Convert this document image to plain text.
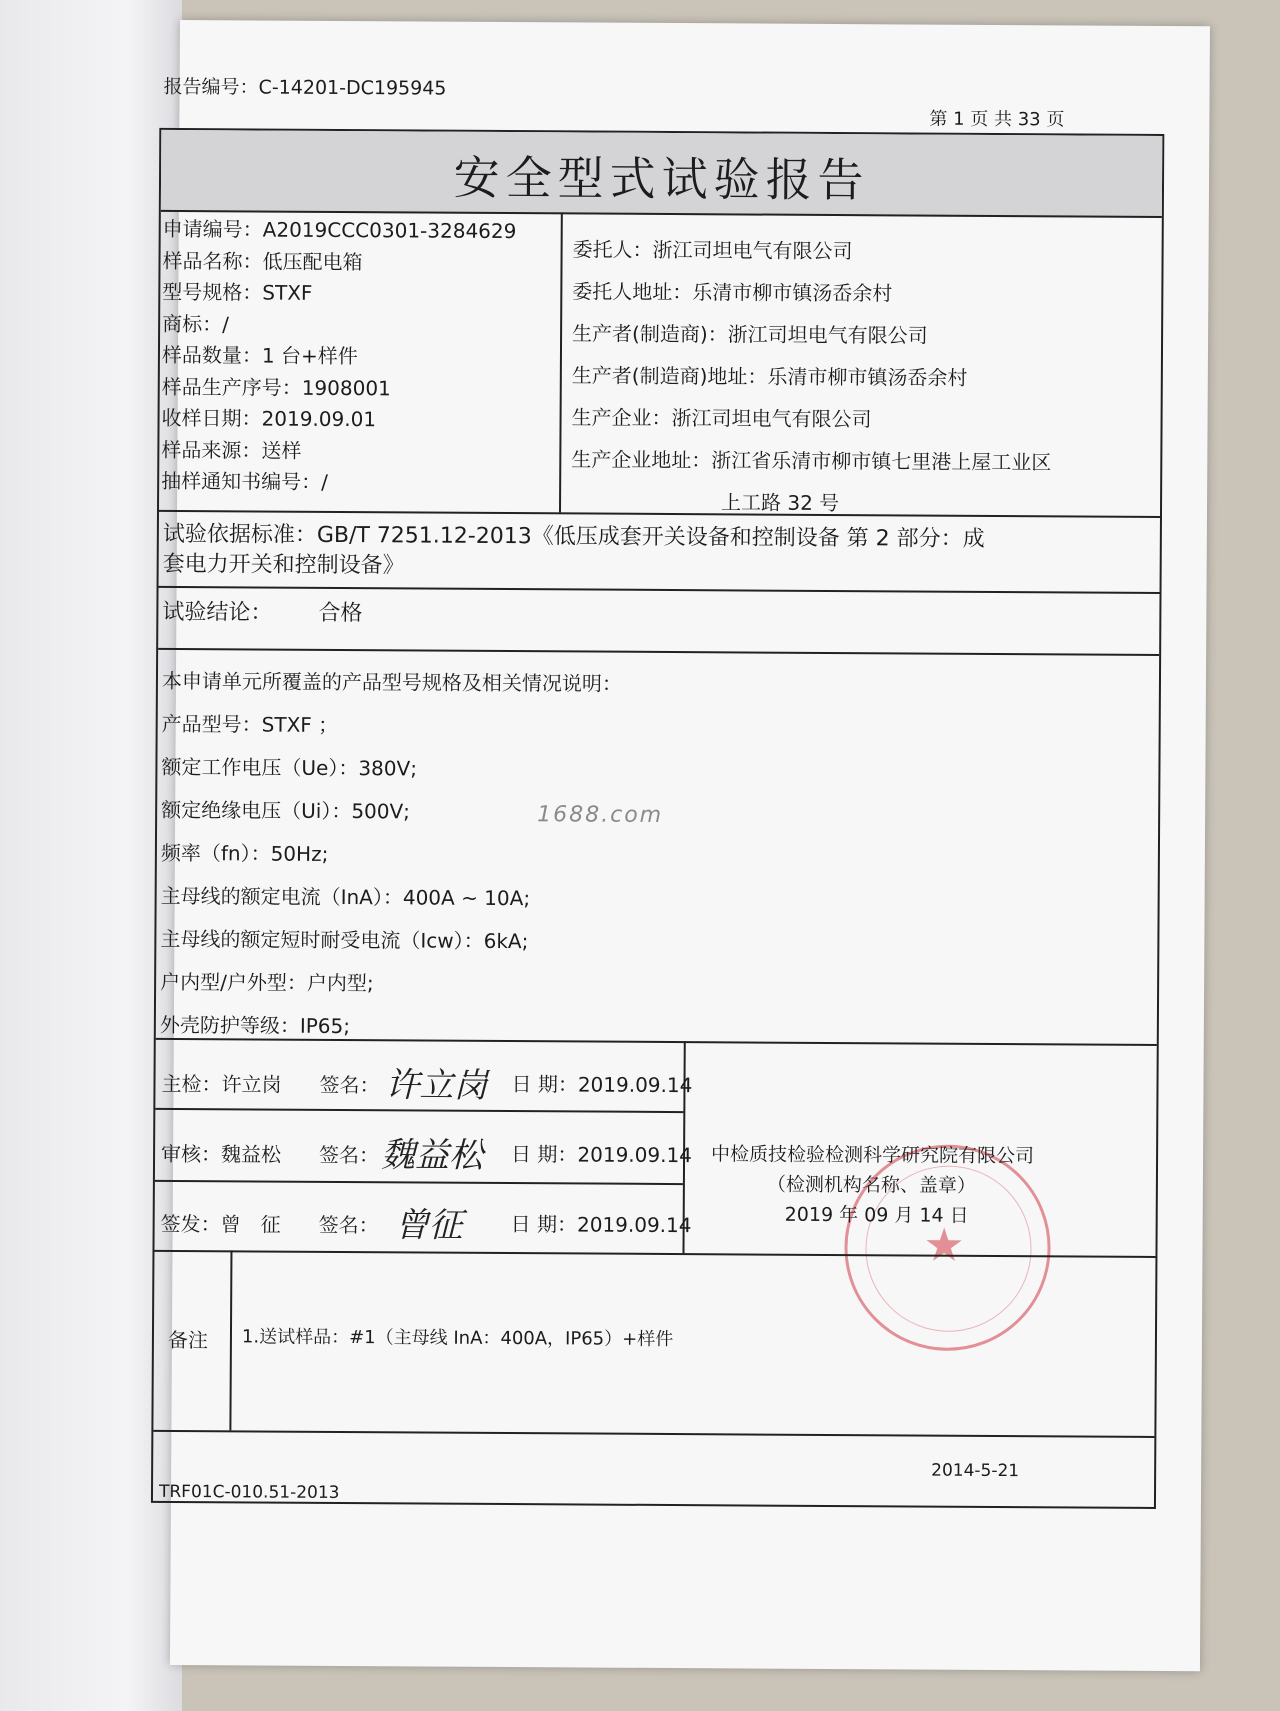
报告编号：C-14201-DC195945
第 1 页 共 33 页
安全型式试验报告
申请编号：A2019CCC0301-3284629
样品名称：低压配电箱
型号规格：STXF
商标：/
样品数量：1 台+样件
样品生产序号：1908001
收样日期：2019.09.01
样品来源：送样
抽样通知书编号：/
委托人：浙江司坦电气有限公司
委托人地址：乐清市柳市镇汤岙余村
生产者(制造商)：浙江司坦电气有限公司
生产者(制造商)地址：乐清市柳市镇汤岙余村
生产企业：浙江司坦电气有限公司
生产企业地址：浙江省乐清市柳市镇七里港上屋工业区
上工路 32 号
试验依据标准：GB/T 7251.12-2013《低压成套开关设备和控制设备 第 2 部分：成
套电力开关和控制设备》
试验结论： 合格
本申请单元所覆盖的产品型号规格及相关情况说明：
产品型号：STXF ；
额定工作电压（Ue）：380V;
额定绝缘电压（Ui）：500V;
频率（fn）：50Hz;
主母线的额定电流（InA）：400A ~ 10A;
主母线的额定短时耐受电流（Icw）：6kA;
户内型/户外型：户内型;
外壳防护等级：IP65;
1688.com
主检：许立岗 签名： 许立岗 日 期：2019.09.14
审核：魏益松 签名： 魏益松 日 期：2019.09.14
签发：曾　征 签名： 曾征 日 期：2019.09.14	★
中检质技检验检测科学研究院有限公司
（检测机构名称、盖章）
2019 年 09 月 14 日
备注 1.送试样品：#1（主母线 InA：400A，IP65）+样件
2014-5-21
TRF01C-010.51-2013
